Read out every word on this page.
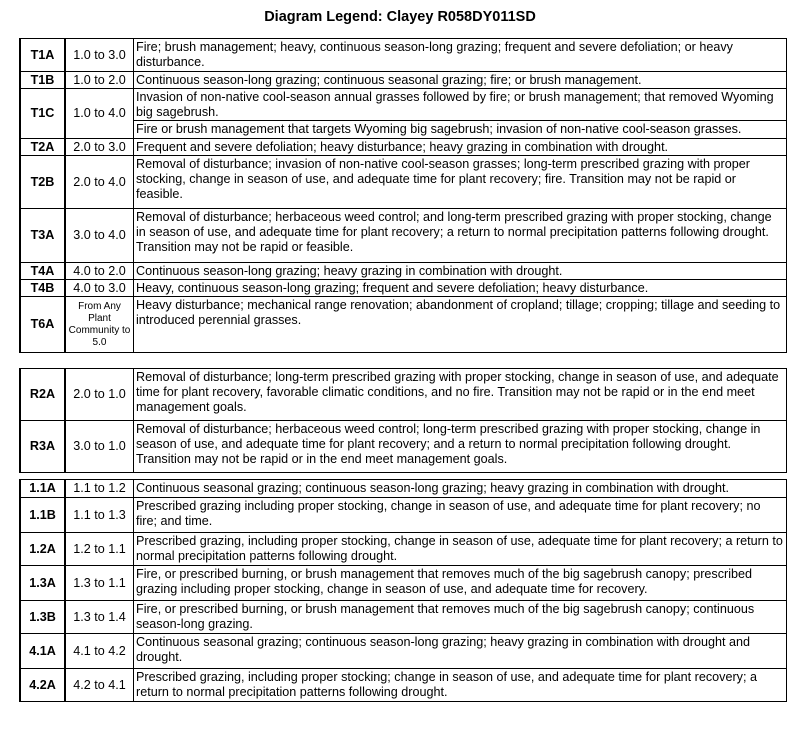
Diagram Legend: Clayey R058DY011SD
T1A	1.0 to 3.0	Fire; brush management; heavy, continuous season-long grazing; frequent and severe defoliation; or heavy disturbance.
T1B	1.0 to 2.0	Continuous season-long grazing; continuous seasonal grazing; fire; or brush management.
T1C	1.0 to 4.0	Invasion of non-native cool-season annual grasses followed by fire; or brush management; that removed Wyoming big sagebrush.
		Fire or brush management that targets Wyoming big sagebrush; invasion of non-native cool-season grasses.
T2A	2.0 to 3.0	Frequent and severe defoliation; heavy disturbance; heavy grazing in combination with drought.
T2B	2.0 to 4.0	Removal of disturbance; invasion of non-native cool-season grasses; long-term prescribed grazing with proper stocking, change in season of use, and adequate time for plant recovery; fire. Transition may not be rapid or feasible.
T3A	3.0 to 4.0	Removal of disturbance; herbaceous weed control; and long-term prescribed grazing with proper stocking, change in season of use, and adequate time for plant recovery; a return to normal precipitation patterns following drought. Transition may not be rapid or feasible.
T4A	4.0 to 2.0	Continuous season-long grazing; heavy grazing in combination with drought.
T4B	4.0 to 3.0	Heavy, continuous season-long grazing; frequent and severe defoliation; heavy disturbance.
T6A	From Any Plant Community to 5.0	Heavy disturbance; mechanical range renovation; abandonment of cropland; tillage; cropping; tillage and seeding to introduced perennial grasses.
R2A	2.0 to 1.0	Removal of disturbance; long-term prescribed grazing with proper stocking, change in season of use, and adequate time for plant recovery, favorable climatic conditions, and no fire. Transition may not be rapid or in the end meet management goals.
R3A	3.0 to 1.0	Removal of disturbance; herbaceous weed control; long-term prescribed grazing with proper stocking, change in season of use, and adequate time for plant recovery; and a return to normal precipitation following drought. Transition may not be rapid or in the end meet management goals.
1.1A	1.1 to 1.2	Continuous seasonal grazing; continuous season-long grazing; heavy grazing in combination with drought.
1.1B	1.1 to 1.3	Prescribed grazing including proper stocking, change in season of use, and adequate time for plant recovery; no fire; and time.
1.2A	1.2 to 1.1	Prescribed grazing, including proper stocking, change in season of use, adequate time for plant recovery; a return to normal precipitation patterns following drought.
1.3A	1.3 to 1.1	Fire, or prescribed burning, or brush management that removes much of the big sagebrush canopy; prescribed grazing including proper stocking, change in season of use, and adequate time for recovery.
1.3B	1.3 to 1.4	Fire, or prescribed burning, or brush management that removes much of the big sagebrush canopy; continuous season-long grazing.
4.1A	4.1 to 4.2	Continuous seasonal grazing; continuous season-long grazing; heavy grazing in combination with drought and drought.
4.2A	4.2 to 4.1	Prescribed grazing, including proper stocking; change in season of use, and adequate time for plant recovery; a return to normal precipitation patterns following drought.
